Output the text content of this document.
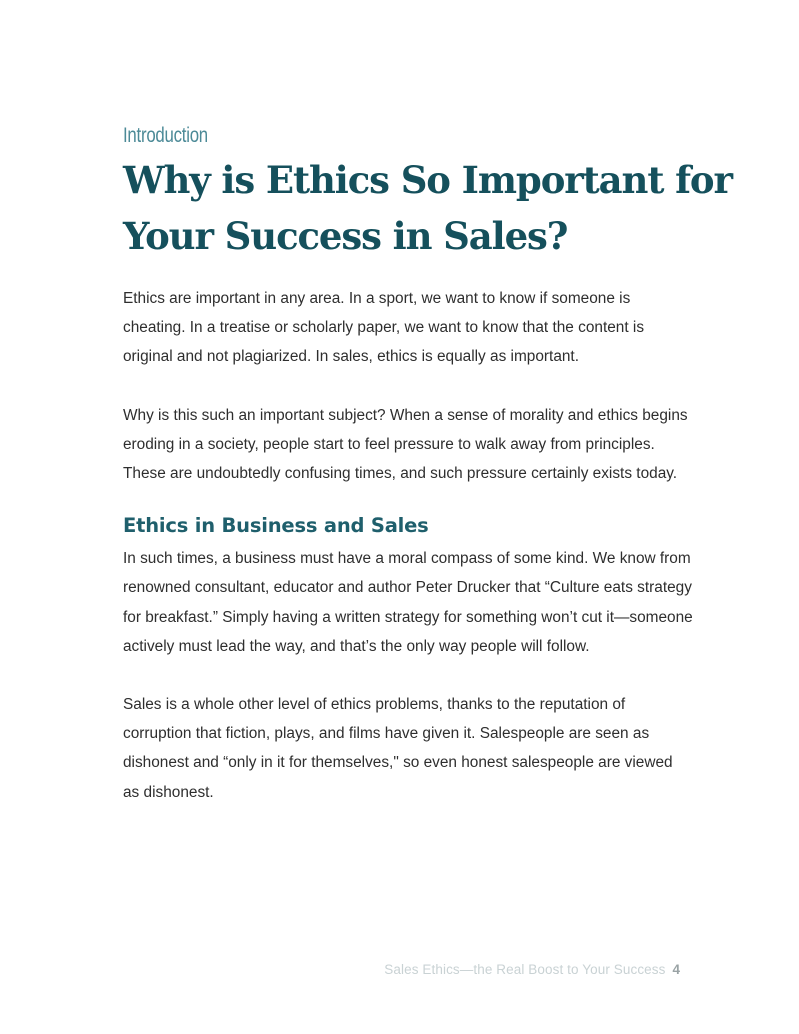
Introduction

Why is Ethics So Important for
Your Success in Sales?

Ethics are important in any area. In a sport, we want to know if someone is cheating. In a treatise or scholarly paper, we want to know that the content is original and not plagiarized. In sales, ethics is equally as important.

Why is this such an important subject? When a sense of morality and ethics begins eroding in a society, people start to feel pressure to walk away from principles. These are undoubtedly confusing times, and such pressure certainly exists today.

Ethics in Business and Sales

In such times, a business must have a moral compass of some kind. We know from renowned consultant, educator and author Peter Drucker that “Culture eats strategy for breakfast.” Simply having a written strategy for something won’t cut it—someone actively must lead the way, and that’s the only way people will follow.

Sales is a whole other level of ethics problems, thanks to the reputation of corruption that fiction, plays, and films have given it. Salespeople are seen as dishonest and “only in it for themselves," so even honest salespeople are viewed as dishonest.

Sales Ethics—the Real Boost to Your Success 4
